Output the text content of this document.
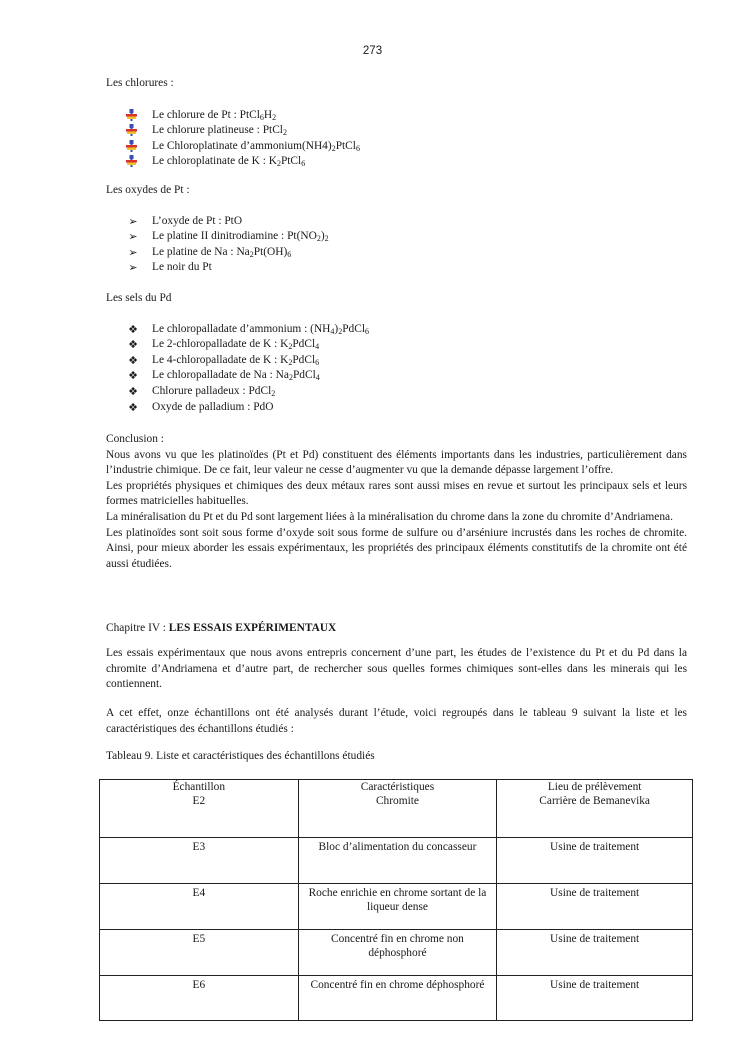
273

Les chlorures :

Le chlorure de Pt : $PtCl_6H_2$
Le chlorure platineuse : PtCl$_2$
Le Chloroplatinate $d’ammonium(NH4)_2PtCl_6$
Le chloroplatinate de K : $K_2PtCl_6$

Les oxydes de Pt :

➢ L’oxyde de Pt : PtO
➢ Le platine II dinitrodiamine : $Pt(NO_2)_2$
➢ Le platine de Na : $Na_2Pt(OH)_6$
➢ Le noir du Pt

Les sels du Pd

❖ Le chloropalladate d’ammonium : $(NH_4)_2PdCl_6$
❖ Le 2-chloropalladate de K : $K_2PdCl_4$
❖ Le 4-chloropalladate de K : $K_2PdCl_6$
❖ Le chloropalladate de Na : $Na_2PdCl_4$
❖ Chlorure palladeux : PdCl$_2$
❖ Oxyde de palladium : PdO

Conclusion :

Nous avons vu que les platinoïdes (Pt et Pd) constituent des éléments importants dans les industries, particulièrement dans l’industrie chimique. De ce fait, leur valeur ne cesse d’augmenter vu que la demande dépasse largement l’offre.

Les propriétés physiques et chimiques des deux métaux rares sont aussi mises en revue et surtout les principaux sels et leurs formes matricielles habituelles.

La minéralisation du Pt et du Pd sont largement liées à la minéralisation du chrome dans la zone du chromite d’Andriamena.

Les platinoïdes sont soit sous forme d’oxyde soit sous forme de sulfure ou d’arséniure incrustés dans les roches de chromite. Ainsi, pour mieux aborder les essais expérimentaux, les propriétés des principaux éléments constitutifs de la chromite ont été aussi étudiées.

Chapitre IV : LES ESSAIS EXPÉRIMENTAUX

Les essais expérimentaux que nous avons entrepris concernent d’une part, les études de l’existence du Pt et du Pd dans la chromite d’Andriamena et d’autre part, de rechercher sous quelles formes chimiques sont-elles dans les minerais qui les contiennent.

A cet effet, onze échantillons ont été analysés durant l’étude, voici regroupés dans le tableau 9 suivant la liste et les caractéristiques des échantillons étudiés :

Tableau 9. Liste et caractéristiques des échantillons étudiés

Échantillon	Caractéristiques	Lieu de prélèvement
E2	Chromite	Carrière de Bemanevika
E3	Bloc d’alimentation du concasseur	Usine de traitement
E4	Roche enrichie en chrome sortant de la liqueur dense	Usine de traitement
E5	Concentré fin en chrome non déphosphoré	Usine de traitement
E6	Concentré fin en chrome déphosphoré	Usine de traitement
